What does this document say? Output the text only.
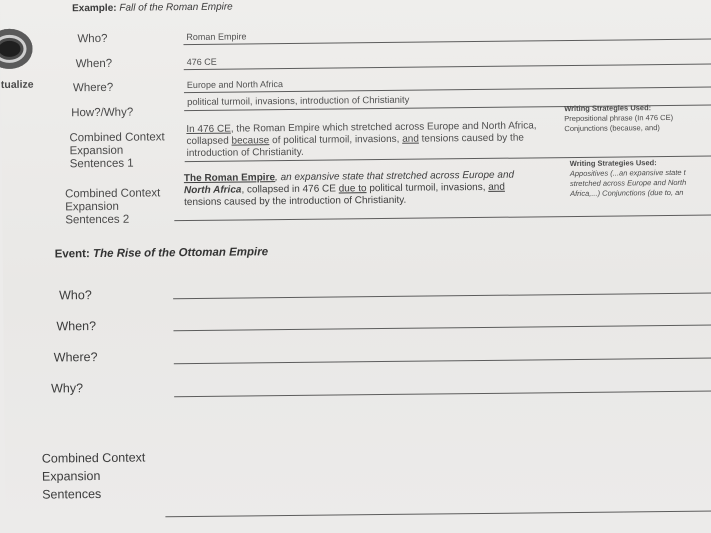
Example: Fall of the Roman Empire
tualize
Who?	Roman Empire
When?	476 CE
Where?	Europe and North Africa
How?/Why?
political turmoil, invasions, introduction of Christianity
Combined Context
Expansion
Sentences 1
In 476 CE, the Roman Empire which stretched across Europe and North Africa,
collapsed because of political turmoil, invasions, and tensions caused by the
introduction of Christianity.
Writing Strategies Used:
Prepositional phrase (In 476 CE)
Conjunctions (because, and)
Combined Context
Expansion
Sentences 2
The Roman Empire, an expansive state that stretched across Europe and
North Africa, collapsed in 476 CE due to political turmoil, invasions, and
tensions caused by the introduction of Christianity.
Writing Strategies Used:
Appositives (...an expansive state t
stretched across Europe and North
Africa,...) Conjunctions (due to, an
Event: The Rise of the Ottoman Empire
Who?
When?
Where?
Why?
Combined Context
Expansion
Sentences
